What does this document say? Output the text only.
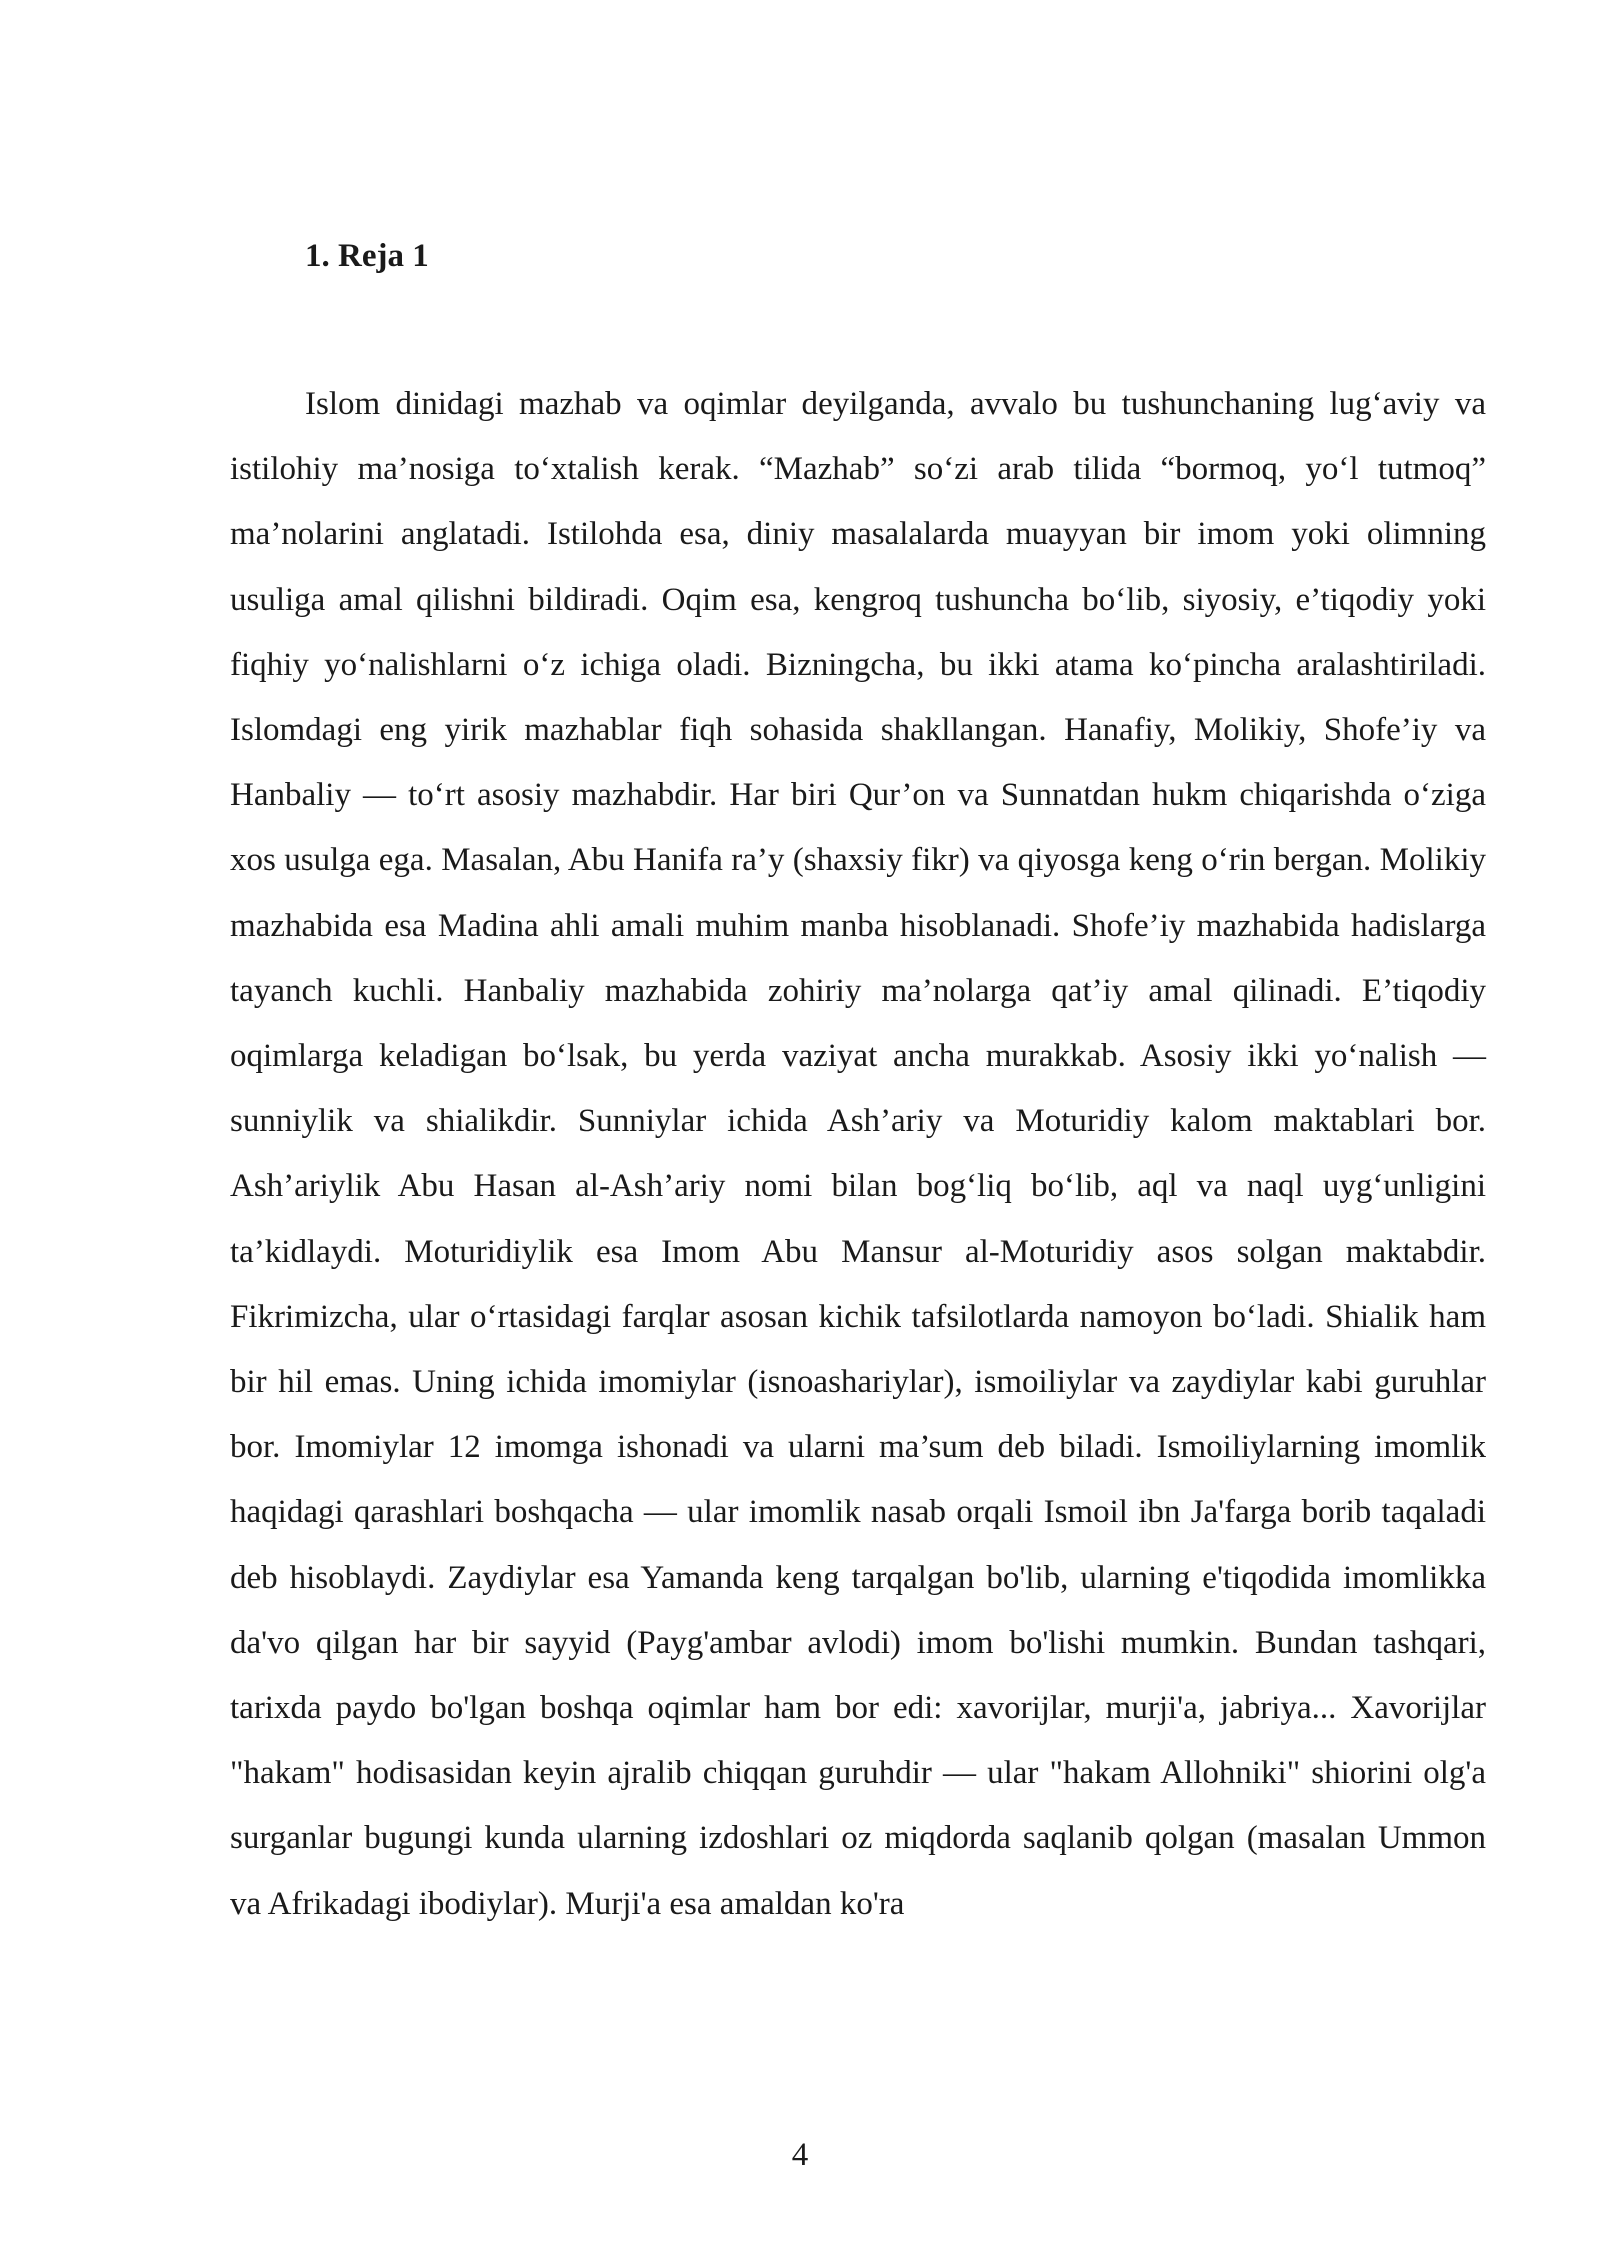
1. Reja 1

Islom dinidagi mazhab va oqimlar deyilganda, avvalo bu tushunchaning lug‘aviy va istilohiy ma’nosiga to‘xtalish kerak. “Mazhab” so‘zi arab tilida “bormoq, yo‘l tutmoq” ma’nolarini anglatadi. Istilohda esa, diniy masalalarda muayyan bir imom yoki olimning usuliga amal qilishni bildiradi. Oqim esa, kengroq tushuncha bo‘lib, siyosiy, e’tiqodiy yoki fiqhiy yo‘nalishlarni o‘z ichiga oladi. Bizningcha, bu ikki atama ko‘pincha aralashtiriladi. Islomdagi eng yirik mazhablar fiqh sohasida shakllangan. Hanafiy, Molikiy, Shofe’iy va Hanbaliy — to‘rt asosiy mazhabdir. Har biri Qur’on va Sunnatdan hukm chiqarishda o‘ziga xos usulga ega. Masalan, Abu Hanifa ra’y (shaxsiy fikr) va qiyosga keng o‘rin bergan. Molikiy mazhabida esa Madina ahli amali muhim manba hisoblanadi. Shofe’iy mazhabida hadislarga tayanch kuchli. Hanbaliy mazhabida zohiriy ma’nolarga qat’iy amal qilinadi. E’tiqodiy oqimlarga keladigan bo‘lsak, bu yerda vaziyat ancha murakkab. Asosiy ikki yo‘nalish — sunniylik va shialikdir. Sunniylar ichida Ash’ariy va Moturidiy kalom maktablari bor. Ash’ariylik Abu Hasan al-Ash’ariy nomi bilan bog‘liq bo‘lib, aql va naql uyg‘unligini ta’kidlaydi. Moturidiylik esa Imom Abu Mansur al-Moturidiy asos solgan maktabdir. Fikrimizcha, ular o‘rtasidagi farqlar asosan kichik tafsilotlarda namoyon bo‘ladi. Shialik ham bir hil emas. Uning ichida imomiylar (isnoashariylar), ismoiliylar va zaydiylar kabi guruhlar bor. Imomiylar 12 imomga ishonadi va ularni ma’sum deb biladi. Ismoiliylarning imomlik haqidagi qarashlari boshqacha — ular imomlik nasab orqali Ismoil ibn Ja'farga borib taqaladi deb hisoblaydi. Zaydiylar esa Yamanda keng tarqalgan bo'lib, ularning e'tiqodida imomlikka da'vo qilgan har bir sayyid (Payg'ambar avlodi) imom bo'lishi mumkin. Bundan tashqari, tarixda paydo bo'lgan boshqa oqimlar ham bor edi: xavorijlar, murji'a, jabriya... Xavorijlar "hakam" hodisasidan keyin ajralib chiqqan guruhdir — ular "hakam Allohniki" shiorini olg'a surganlar bugungi kunda ularning izdoshlari oz miqdorda saqlanib qolgan (masalan Ummon va Afrikadagi ibodiylar). Murji'a esa amaldan ko'ra

4
